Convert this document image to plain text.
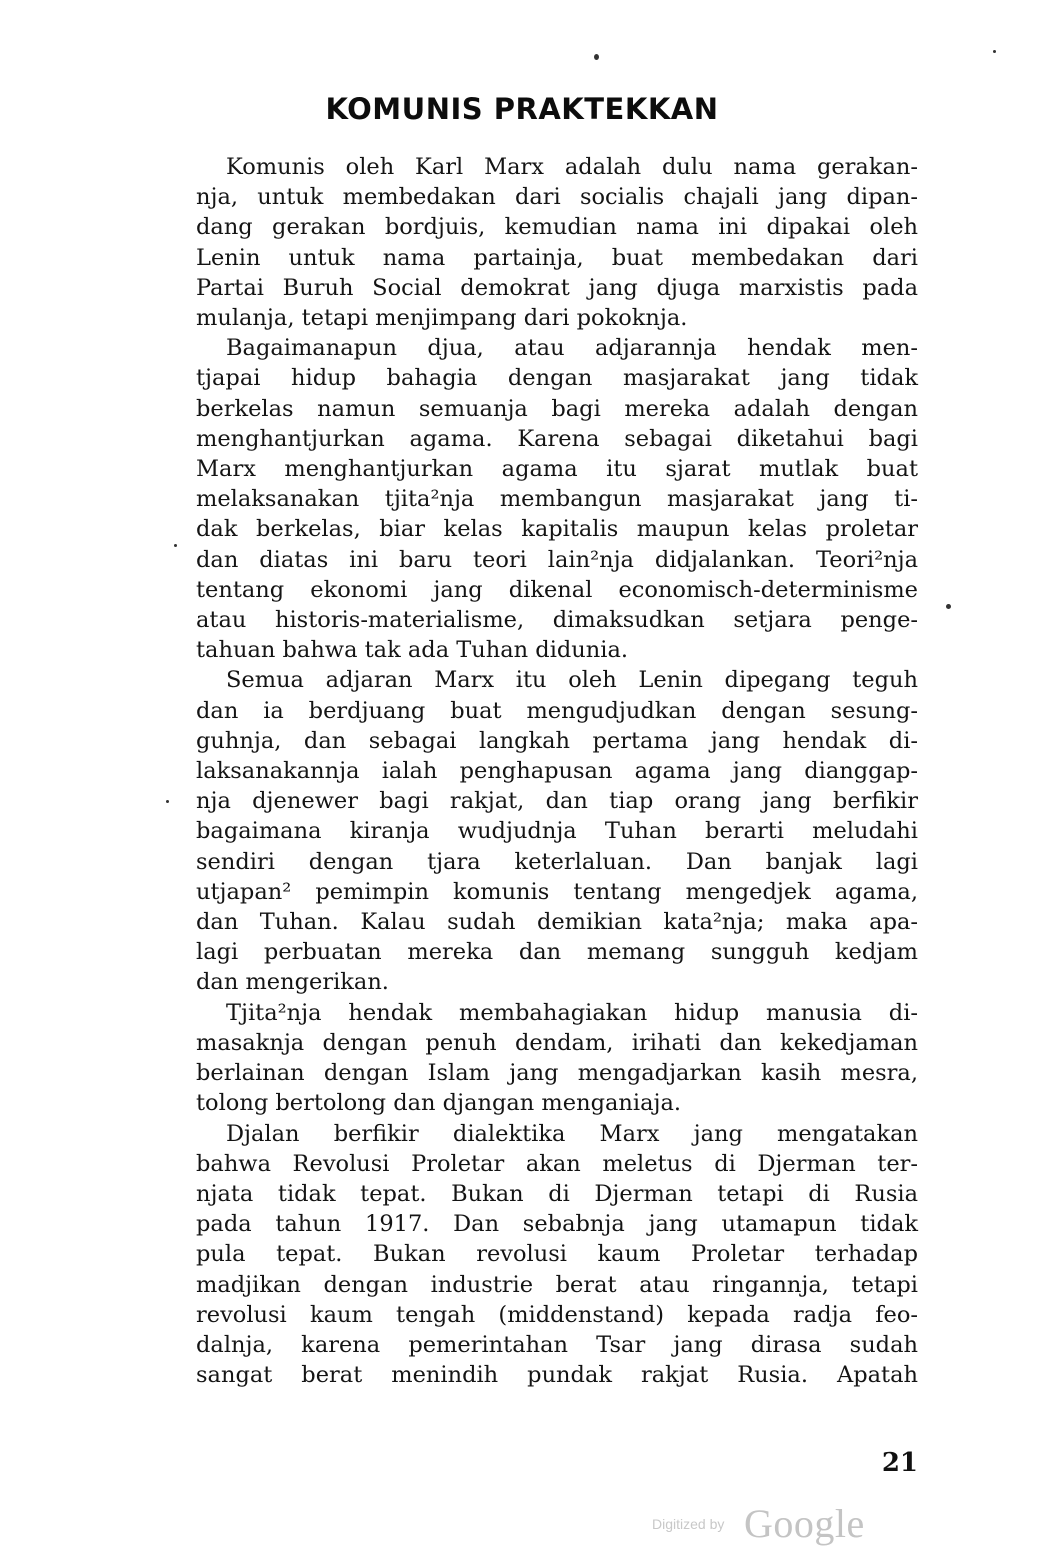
KOMUNIS PRAKTEKKAN

Komunis oleh Karl Marx adalah dulu nama gerakan-
nja, untuk membedakan dari socialis chajali jang dipan-
dang gerakan bordjuis, kemudian nama ini dipakai oleh
Lenin untuk nama partainja, buat membedakan dari
Partai Buruh Social demokrat jang djuga marxistis pada
mulanja, tetapi menjimpang dari pokoknja.

Bagaimanapun djua, atau adjarannja hendak men-
tjapai hidup bahagia dengan masjarakat jang tidak
berkelas namun semuanja bagi mereka adalah dengan
menghantjurkan agama. Karena sebagai diketahui bagi
Marx menghantjurkan agama itu sjarat mutlak buat
melaksanakan tjita²nja membangun masjarakat jang ti-
dak berkelas, biar kelas kapitalis maupun kelas proletar
dan diatas ini baru teori lain²nja didjalankan. Teori²nja
tentang ekonomi jang dikenal economisch-determinisme
atau historis-materialisme, dimaksudkan setjara penge-
tahuan bahwa tak ada Tuhan didunia.

Semua adjaran Marx itu oleh Lenin dipegang teguh
dan ia berdjuang buat mengudjudkan dengan sesung-
guhnja, dan sebagai langkah pertama jang hendak di-
laksanakannja ialah penghapusan agama jang dianggap-
nja djenewer bagi rakjat, dan tiap orang jang berfikir
bagaimana kiranja wudjudnja Tuhan berarti meludahi
sendiri dengan tjara keterlaluan. Dan banjak lagi
utjapan² pemimpin komunis tentang mengedjek agama,
dan Tuhan. Kalau sudah demikian kata²nja; maka apa-
lagi perbuatan mereka dan memang sungguh kedjam
dan mengerikan.

Tjita²nja hendak membahagiakan hidup manusia di-
masaknja dengan penuh dendam, irihati dan kekedjaman
berlainan dengan Islam jang mengadjarkan kasih mesra,
tolong bertolong dan djangan menganiaja.

Djalan berfikir dialektika Marx jang mengatakan
bahwa Revolusi Proletar akan meletus di Djerman ter-
njata tidak tepat. Bukan di Djerman tetapi di Rusia
pada tahun 1917. Dan sebabnja jang utamapun tidak
pula tepat. Bukan revolusi kaum Proletar terhadap
madjikan dengan industrie berat atau ringannja, tetapi
revolusi kaum tengah (middenstand) kepada radja feo-
dalnja, karena pemerintahan Tsar jang dirasa sudah
sangat berat menindih pundak rakjat Rusia. Apatah

21
Digitized by Google
